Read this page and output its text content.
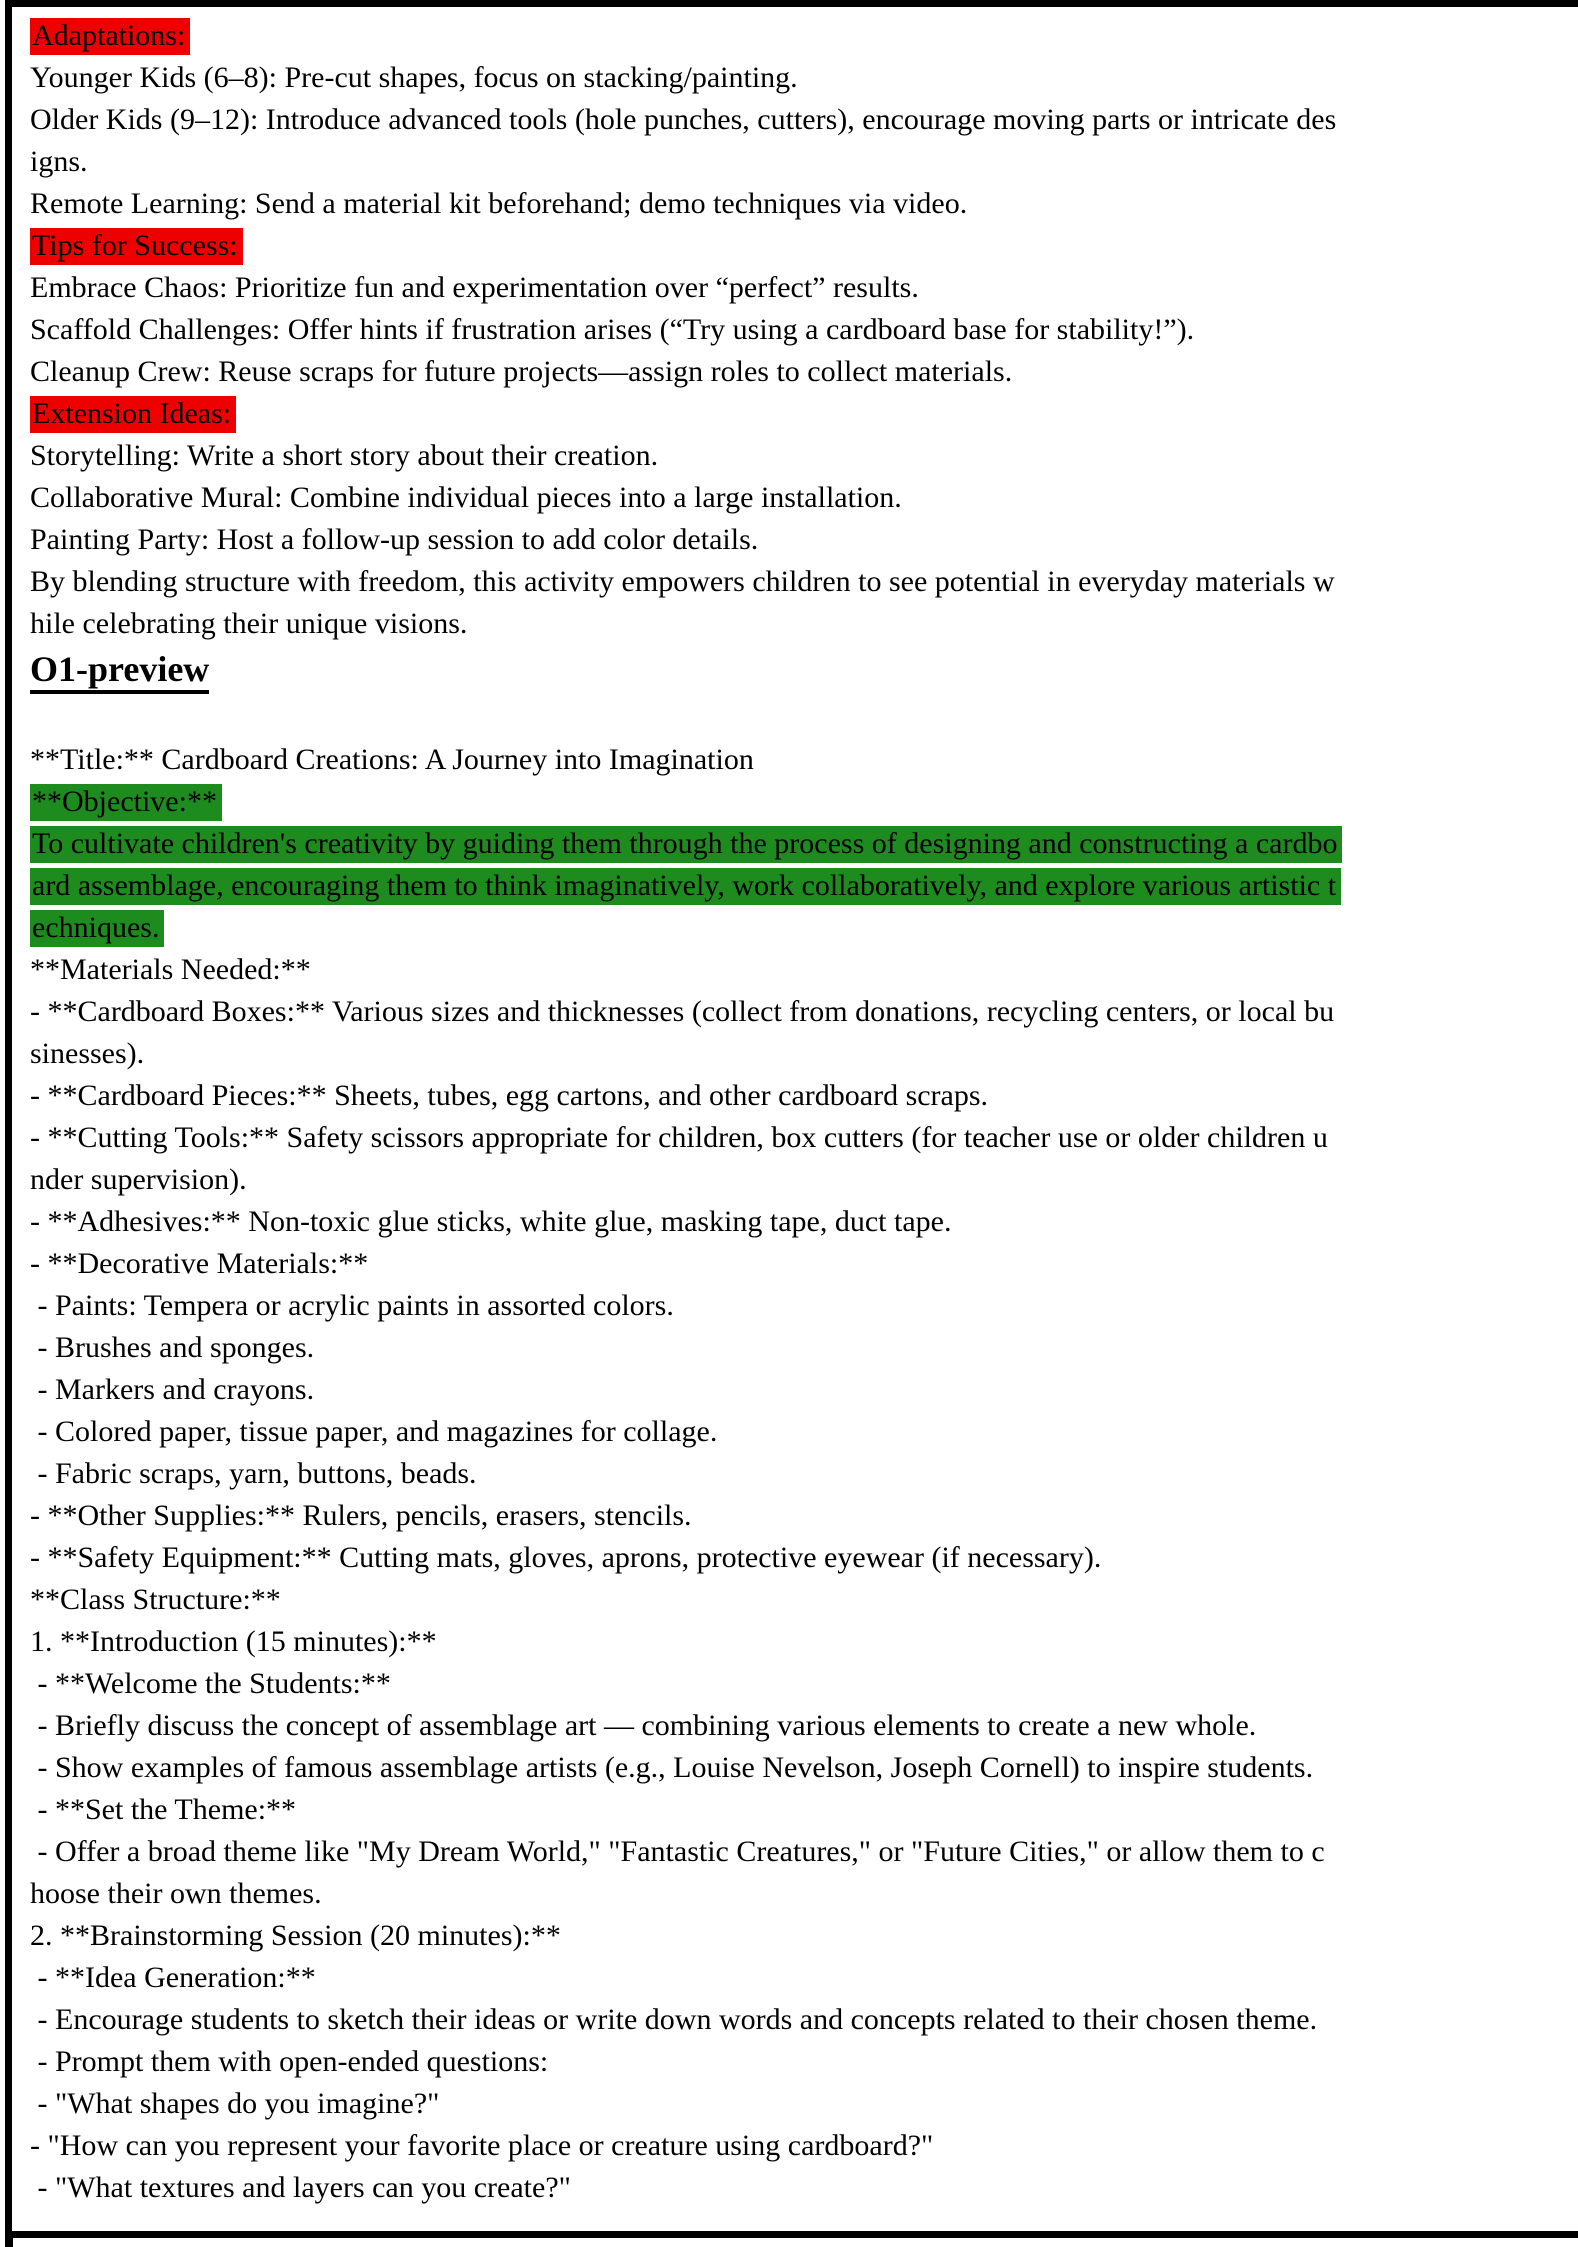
Adaptations:
Younger Kids (6–8): Pre-cut shapes, focus on stacking/painting.
Older Kids (9–12): Introduce advanced tools (hole punches, cutters), encourage moving parts or intricate des
igns.
Remote Learning: Send a material kit beforehand; demo techniques via video.
Tips for Success:
Embrace Chaos: Prioritize fun and experimentation over “perfect” results.
Scaffold Challenges: Offer hints if frustration arises (“Try using a cardboard base for stability!”).
Cleanup Crew: Reuse scraps for future projects—assign roles to collect materials.
Extension Ideas:
Storytelling: Write a short story about their creation.
Collaborative Mural: Combine individual pieces into a large installation.
Painting Party: Host a follow-up session to add color details.
By blending structure with freedom, this activity empowers children to see potential in everyday materials w
hile celebrating their unique visions.
O1-preview
**Title:** Cardboard Creations: A Journey into Imagination
**Objective:**
To cultivate children's creativity by guiding them through the process of designing and constructing a cardbo
ard assemblage, encouraging them to think imaginatively, work collaboratively, and explore various artistic t
echniques.
**Materials Needed:**
- **Cardboard Boxes:** Various sizes and thicknesses (collect from donations, recycling centers, or local bu
sinesses).
- **Cardboard Pieces:** Sheets, tubes, egg cartons, and other cardboard scraps.
- **Cutting Tools:** Safety scissors appropriate for children, box cutters (for teacher use or older children u
nder supervision).
- **Adhesives:** Non-toxic glue sticks, white glue, masking tape, duct tape.
- **Decorative Materials:**
- Paints: Tempera or acrylic paints in assorted colors.
- Brushes and sponges.
- Markers and crayons.
- Colored paper, tissue paper, and magazines for collage.
- Fabric scraps, yarn, buttons, beads.
- **Other Supplies:** Rulers, pencils, erasers, stencils.
- **Safety Equipment:** Cutting mats, gloves, aprons, protective eyewear (if necessary).
**Class Structure:**
1. **Introduction (15 minutes):**
- **Welcome the Students:**
- Briefly discuss the concept of assemblage art — combining various elements to create a new whole.
- Show examples of famous assemblage artists (e.g., Louise Nevelson, Joseph Cornell) to inspire students.
- **Set the Theme:**
- Offer a broad theme like "My Dream World," "Fantastic Creatures," or "Future Cities," or allow them to c
hoose their own themes.
2. **Brainstorming Session (20 minutes):**
- **Idea Generation:**
- Encourage students to sketch their ideas or write down words and concepts related to their chosen theme.
- Prompt them with open-ended questions:
- "What shapes do you imagine?"
- "How can you represent your favorite place or creature using cardboard?"
- "What textures and layers can you create?"
